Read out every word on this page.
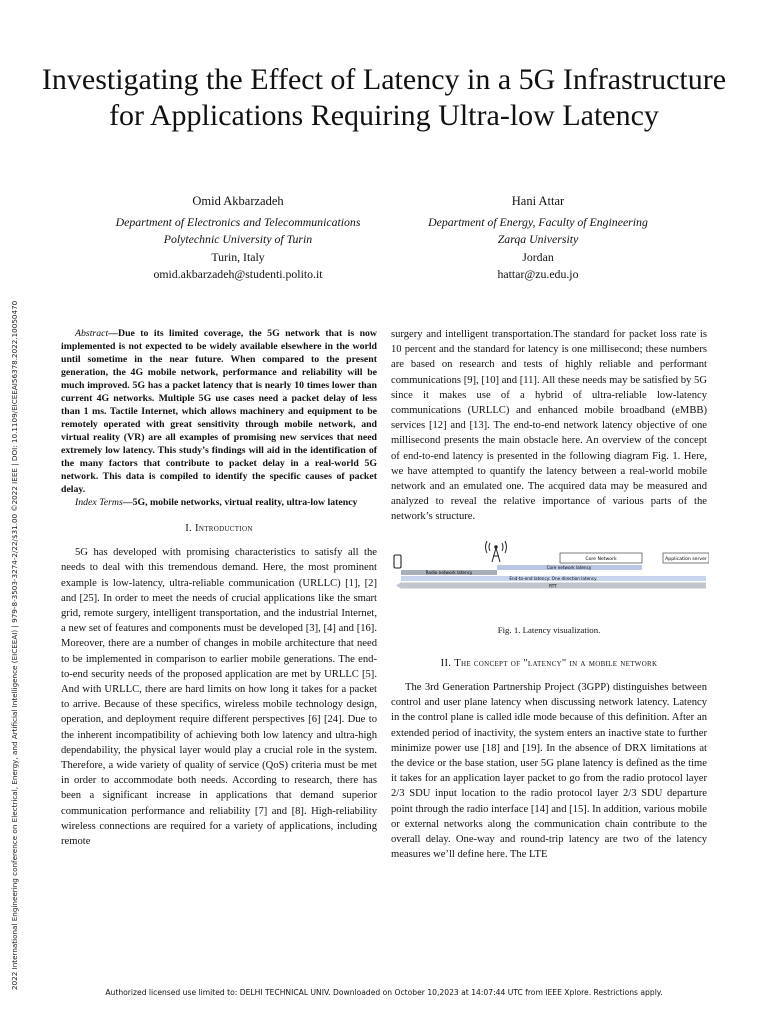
2022 International Engineering conference on Electrical, Energy, and Artificial Intelligence (EICEEAI) | 979-8-3503-3274-2/22/$31.00 ©2022 IEEE | DOI: 10.1109/EICEEAI56378.2022.10050470
Investigating the Effect of Latency in a 5G Infrastructure for Applications Requiring Ultra-low Latency
Omid Akbarzadeh
Department of Electronics and Telecommunications
Polytechnic University of Turin
Turin, Italy
omid.akbarzadeh@studenti.polito.it
Hani Attar
Department of Energy, Faculty of Engineering
Zarqa University
Jordan
hattar@zu.edu.jo

Abstract—Due to its limited coverage, the 5G network that is now implemented is not expected to be widely available elsewhere in the world until sometime in the near future. When compared to the present generation, the 4G mobile network, performance and reliability will be much improved. 5G has a packet latency that is nearly 10 times lower than current 4G networks. Multiple 5G use cases need a packet delay of less than 1 ms. Tactile Internet, which allows machinery and equipment to be remotely operated with great sensitivity through mobile network, and virtual reality (VR) are all examples of promising new services that need extremely low latency. This study’s findings will aid in the identification of the many factors that contribute to packet delay in a real-world 5G network. This data is compiled to identify the specific causes of packet delay.

Index Terms—5G, mobile networks, virtual reality, ultra-low latency

I. Introduction

5G has developed with promising characteristics to satisfy all the needs to deal with this tremendous demand. Here, the most prominent example is low-latency, ultra-reliable communication (URLLC) [1], [2] and [25]. In order to meet the needs of crucial applications like the smart grid, remote surgery, intelligent transportation, and the industrial Internet, a new set of features and components must be developed [3], [4] and [16]. Moreover, there are a number of changes in mobile architecture that need to be implemented in comparison to earlier mobile generations. The end-to-end security needs of the proposed application are met by URLLC [5]. And with URLLC, there are hard limits on how long it takes for a packet to arrive. Because of these specifics, wireless mobile technology design, operation, and deployment require different perspectives [6] [24]. Due to the inherent incompatibility of achieving both low latency and ultra-high dependability, the physical layer would play a crucial role in the system. Therefore, a wide variety of quality of service (QoS) criteria must be met in order to accommodate both needs. According to research, there has been a significant increase in applications that demand superior communication performance and reliability [7] and [8]. High-reliability wireless connections are required for a variety of applications, including remote

surgery and intelligent transportation.The standard for packet loss rate is 10 percent and the standard for latency is one millisecond; these numbers are based on research and tests of highly reliable and performant communications [9], [10] and [11]. All these needs may be satisfied by 5G since it makes use of a hybrid of ultra-reliable low-latency communications (URLLC) and enhanced mobile broadband (eMBB) services [12] and [13]. The end-to-end network latency objective of one millisecond presents the main obstacle here. An overview of the concept of end-to-end latency is presented in the following diagram Fig. 1. Here, we have attempted to quantify the latency between a real-world mobile network and an emulated one. The acquired data may be measured and analyzed to reveal the relative importance of various parts of the network’s structure.

Core Network	Application server
Core network latency
Radio network latency
End-to-end latency: One direction latency
RTT
Fig. 1. Latency visualization.
II. The concept of "latency" in a mobile network

The 3rd Generation Partnership Project (3GPP) distinguishes between control and user plane latency when discussing network latency. Latency in the control plane is called idle mode because of this definition. After an extended period of inactivity, the system enters an inactive state to further minimize power use [18] and [19]. In the absence of DRX limitations at the device or the base station, user 5G plane latency is defined as the time it takes for an application layer packet to go from the radio protocol layer 2/3 SDU input location to the radio protocol layer 2/3 SDU departure point through the radio interface [14] and [15]. In addition, various mobile or external networks along the communication chain contribute to the overall delay. One-way and round-trip latency are two of the latency measures we’ll define here. The LTE

Authorized licensed use limited to: DELHI TECHNICAL UNIV. Downloaded on October 10,2023 at 14:07:44 UTC from IEEE Xplore. Restrictions apply.
